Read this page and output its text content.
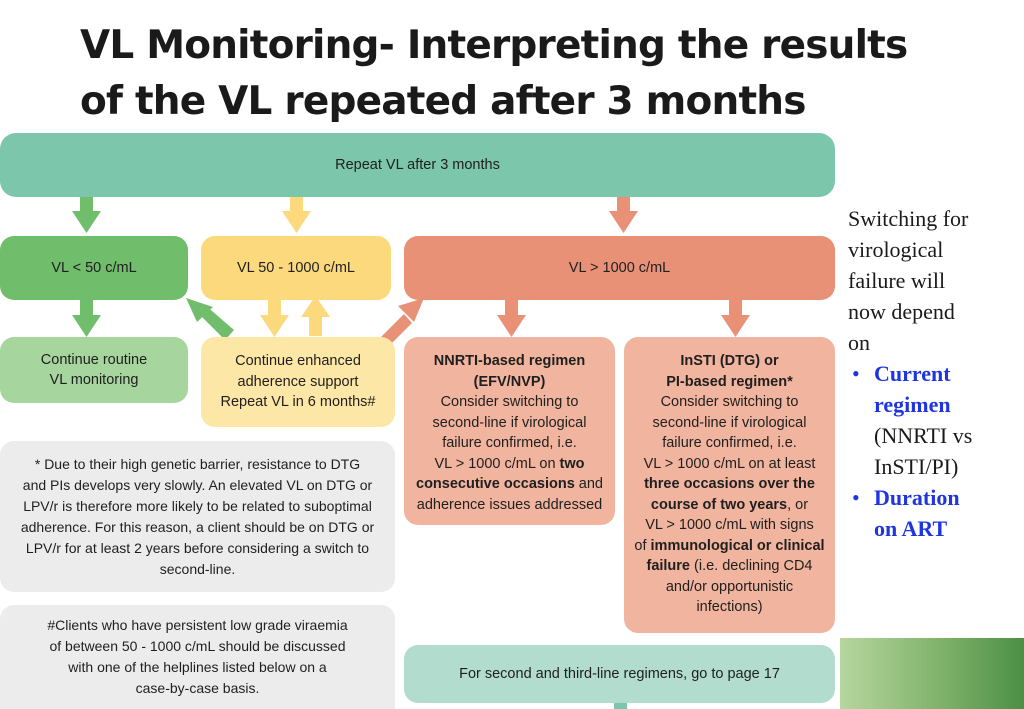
VL Monitoring- Interpreting the results
of the VL repeated after 3 months
Repeat VL after 3 months
VL < 50 c/mL	VL 50 - 1000 c/mL	VL > 1000 c/mL
Continue routine
VL monitoring
Continue enhanced
adherence support
Repeat VL in 6 months#
NNRTI-based regimen
(EFV/NVP)
Consider switching to
second-line if virological
failure confirmed, i.e.
VL > 1000 c/mL on two
consecutive occasions and
adherence issues addressed
InSTI (DTG) or
PI-based regimen*
Consider switching to
second-line if virological
failure confirmed, i.e.
VL > 1000 c/mL on at least
three occasions over the
course of two years, or
VL > 1000 c/mL with signs
of immunological or clinical
failure (i.e. declining CD4
and/or opportunistic
infections)
* Due to their high genetic barrier, resistance to DTG
and PIs develops very slowly. An elevated VL on DTG or
LPV/r is therefore more likely to be related to suboptimal
adherence. For this reason, a client should be on DTG or
LPV/r for at least 2 years before considering a switch to
second-line.
#Clients who have persistent low grade viraemia
of between 50 - 1000 c/mL should be discussed
with one of the helplines listed below on a
case-by-case basis.
For second and third-line regimens, go to page 17
Switching for
virological
failure will
now depend
on
• Current
regimen
(NNRTI vs
InSTI/PI)
• Duration
on ART
